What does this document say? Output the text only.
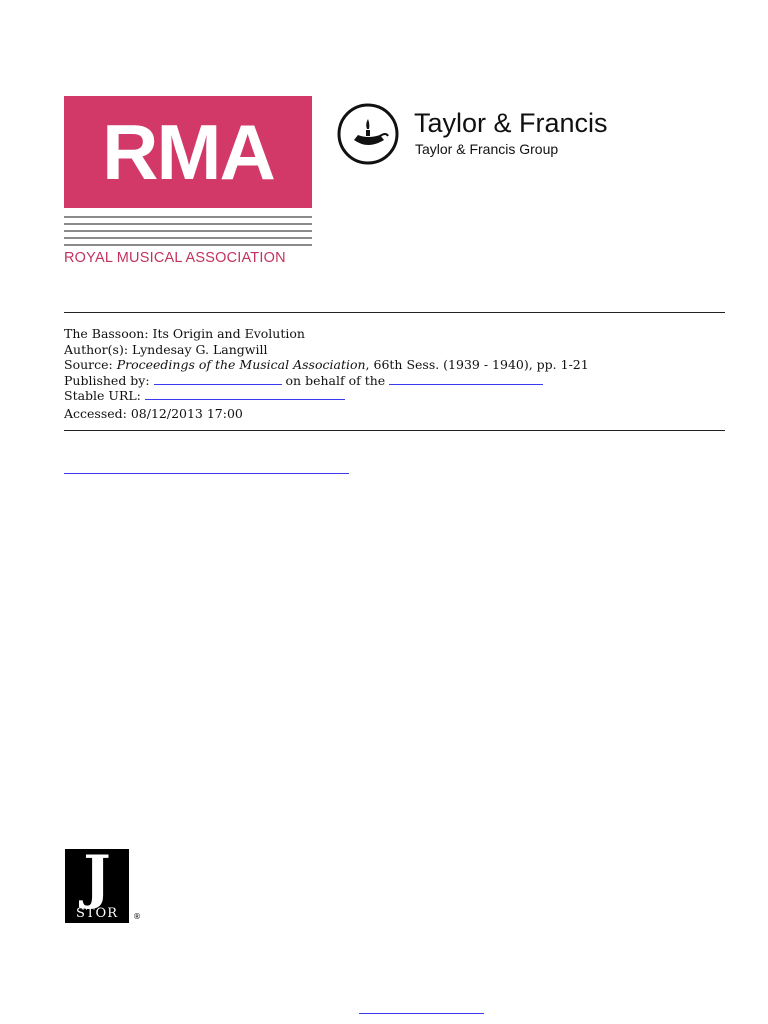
RMA
ROYAL MUSICAL ASSOCIATION
Taylor & Francis
Taylor & Francis Group
The Bassoon: Its Origin and Evolution
Author(s): Lyndesay G. Langwill
Source: Proceedings of the Musical Association, 66th Sess. (1939 - 1940), pp. 1-21
Published by:	on behalf of the
Stable URL:
Accessed: 08/12/2013 17:00
J
STOR	®
